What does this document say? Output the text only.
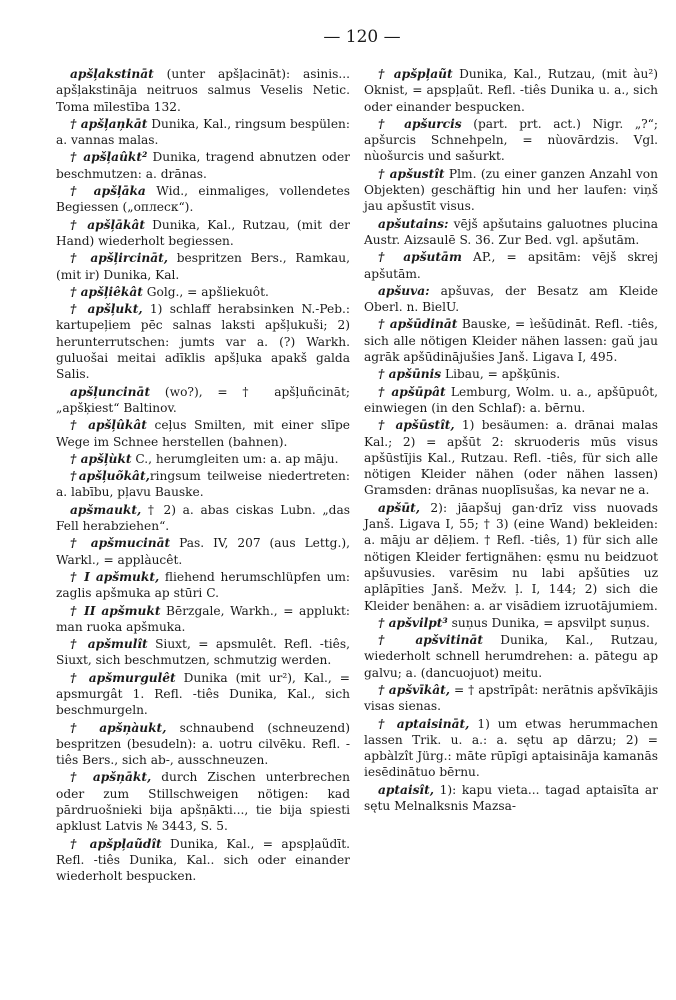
— 120 —

apšļakstināt (unter apšļacināt): asinis... apšļakstināja neitruos salmus Veselis Netic. Toma mīlestība 132.

† apšļaņkāt Dunika, Kal., ringsum bespülen: a. vannas malas.

† apšļaûkt² Dunika, tragend abnutzen oder beschmutzen: a. drānas.

† apšļāka Wid., einmaliges, vollendetes Begiessen („оплеск“).

† apšļākât Dunika, Kal., Rutzau, (mit der Hand) wiederholt begiessen.

† apšļircināt, bespritzen Bers., Ramkau, (mit ir) Dunika, Kal.

† apšļiêkât Golg., = apšliekuôt.

† apšļukt, 1) schlaff herabsinken N.-Peb.: kartupeļiem pēc salnas laksti apšļukuši; 2) herunterrutschen: jumts var a. (?) Warkh. guluošai meitai adīklis apšļuka apakš galda Salis.

apšļuncināt (wo?), = † apšļuñcināt; „apšķiest“ Baltinov.

† apšļûkât ceļus Smilten, mit einer slīpe Wege im Schnee herstellen (bahnen).

† apšļùkt C., herumgleiten um: a. ap māju.

†apšļuõkât,ringsum teilweise niedertreten: a. labību, pļavu Bauske.

apšmaukt, † 2) a. abas ciskas Lubn. „das Fell herabziehen“.

† apšmucināt Pas. IV, 207 (aus Lettg.), Warkl., = applàucêt.

† I apšmukt, fliehend herumschlüpfen um: zaglis apšmuka ap stūri C.

† II apšmukt Bērzgale, Warkh., = applukt: man ruoka apšmuka.

† apšmulît Siuxt, = apsmulêt. Refl. -tiês, Siuxt, sich beschmutzen, schmutzig werden.

† apšmurgulêt Dunika (mit ur²), Kal., = apsmurgât 1. Refl. -tiês Dunika, Kal., sich beschmurgeln.

† apšņàukt, schnaubend (schneuzend) bespritzen (besudeln): a. uotru cilvēku. Refl. -tiês Bers., sich ab-, ausschneuzen.

† apšņākt, durch Zischen unterbrechen oder zum Stillschweigen nötigen: kad pārdruošnieki bija apšņākti..., tie bija spiesti apklust Latvis № 3443, S. 5.

† apšpļaũdît Dunika, Kal., = apspļaũdīt. Refl. -tiês Dunika, Kal.. sich oder einander wiederholt bespucken.

† apšpļaũt Dunika, Kal., Rutzau, (mit àu²) Oknist, = apspļaũt. Refl. -tiês Dunika u. a., sich oder einander bespucken.

† apšurcis (part. prt. act.) Nigr. „?“; apšurcis Schnehpeln, = nùovārdzis. Vgl. nùošurcis und sašurkt.

† apšustît Plm. (zu einer ganzen Anzahl von Objekten) geschäftig hin und her laufen: viņš jau apšustīt visus.

apšutains: vējš apšutains galuotnes plucina Austr. Aizsaulē S. 36. Zur Bed. vgl. apšutām.

† apšutām AP., = apsitām: vējš skrej apšutām.

apšuva: apšuvas, der Besatz am Kleide Oberl. n. BielU.

† apšūdināt Bauske, = ìešūdināt. Refl. -tiês, sich alle nötigen Kleider nähen lassen: gaŭ jau agrāk apšūdinājušies Janš. Ligava I, 495.

† apšūnis Libau, = apšķūnis.

† apšūpât Lemburg, Wolm. u. a., apšūpuôt, einwiegen (in den Schlaf): a. bērnu.

† apšūstît, 1) besäumen: a. drānai malas Kal.; 2) = apšūt 2: skruoderis mūs visus apšūstījis Kal., Rutzau. Refl. -tiês, für sich alle nötigen Kleider nähen (oder nähen lassen) Gramsden: drānas nuoplīsušas, ka nevar ne a.

apšūt, 2): jāapšuj gan·drīz viss nuovads Janš. Ligava I, 55; † 3) (eine Wand) bekleiden: a. māju ar dēļiem. † Refl. -tiês, 1) für sich alle nötigen Kleider fertignähen: ęsmu nu beidzuot apšuvusies. varēsim nu labi apšūties uz aplāpīties Janš. Mežv. ļ. I, 144; 2) sich die Kleider benähen: a. ar visādiem izruotājumiem.

† apšvilpt³ suņus Dunika, = apsvilpt suņus.

† apšvitināt Dunika, Kal., Rutzau, wiederholt schnell herumdrehen: a. pātegu ap galvu; a. (dancuojuot) meitu.

† apšvīkât, = † apstrīpât: nerātnis apšvīkājis visas sienas.

† aptaisināt, 1) um etwas herummachen lassen Trik. u. a.: a. sętu ap dārzu; 2) = apbàlzît Jürg.: māte rūpīgi aptaisināja kamanās iesēdinātuo bērnu.

aptaisît, 1): kapu vieta... tagad aptaisīta ar sętu Melnalksnis Mazsa-
